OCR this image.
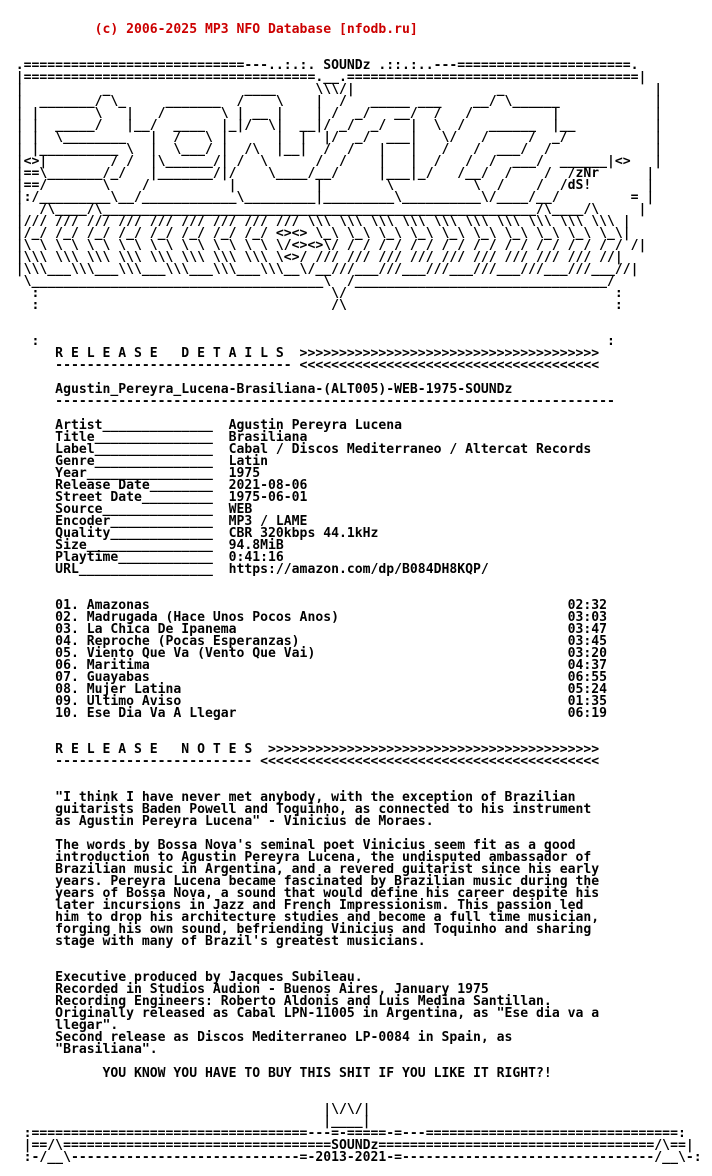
(c) 2006-2025 MP3 NFO Database [nfodb.ru]

.============================---..:.:. SOUNDz .::.:..---======================.
|=====================================.__.=====================================|
|          _                 ____     \\\/|                  _                   |
|  _______/ \_     _______  /    \    |  /   _____ ___    __/ \______            |
| |       \   |   /       \ | __ |    | /  _/   __/  /   /          |            |
| |  _____/   |__/  ____  |_|/  \|  __|/ _/  _/   |  \  /   ______  |__          |
| |  \________   |  /   \ |      |  |  |/  _/  ___|   \/   /     /  _/           |
| |__________ \  |  \___/ |  /\  |__|  /  /   |   |   /   /  ___/  /             |
|<>|        / /  |\______/| /  \      /  /    |   |  /   /  /  ___/  ______|<>   |
|==\_______/_/   |_______/|/    \____/__/     |___|_/   /__/  /    /  /zNr      |
|==/       \    /          |          |        \          \  /    /  /dS!       |
|:/_________\__/____________\_________|_________\__________\/____/__/         = |
|  /\____/\_______________________________________________________/\____/\     |
|/// /// /// /// /// /// /// /// /// \\\ \\\ \\\ \\\ \\\ \\\ \\\ \\\ \\\ \\\ |
|/_/ /_/ /_/ /_/ /_/ /_/ /_/ /_/ <><> \_\ \_\ \_\ \_\ \_\ \_\ \_\ \_\ \_\ \_\|
|\ \ \ \ \ \ \ \ \ \ \ \ \ \ \ \ \/<><>\/ / / / / / / / / / / / / / / / / / / /|
|\\\ \\\ \\\ \\\ \\\ \\\ \\\ \\\ \<>/ /// /// /// /// /// /// /// /// /// //|
|\\\___\\\___\\\___\\\___\\\___\\\__\/__///___///___///___///___///___///___//|
\_____________________________________\  /________________________________/
:                                     \/                                  :
:                                     /\                                  :

:                                                                        :
R E L E A S E   D E T A I L S  >>>>>>>>>>>>>>>>>>>>>>>>>>>>>>>>>>>>>>
------------------------------ <<<<<<<<<<<<<<<<<<<<<<<<<<<<<<<<<<<<<<

Agustin_Pereyra_Lucena-Brasiliana-(ALT005)-WEB-1975-SOUNDz
-----------------------------------------------------------------------

Artist______________  Agustin Pereyra Lucena
Title_______________  Brasiliana
Label_______________  Cabal / Discos Mediterraneo / Altercat Records
Genre_______________  Latin
Year________________  1975
Release Date________  2021-08-06
Street Date_________  1975-06-01
Source______________  WEB
Encoder_____________  MP3 / LAME
Quality_____________  CBR 320kbps 44.1kHz
Size________________  94.8MiB
Playtime____________  0:41:16
URL_________________  https://amazon.com/dp/B084DH8KQP/

01. Amazonas                                                     02:32
02. Madrugada (Hace Unos Pocos Anos)                             03:03
03. La Chica De Ipanema                                          03:47
04. Reproche (Pocas Esperanzas)                                  03:45
05. Viento Que Va (Vento Que Vai)                                03:20
06. Maritima                                                     04:37
07. Guayabas                                                     06:55
08. Mujer Latina                                                 05:24
09. Ultimo Aviso                                                 01:35
10. Ese Dia Va A Llegar                                          06:19

R E L E A S E   N O T E S  >>>>>>>>>>>>>>>>>>>>>>>>>>>>>>>>>>>>>>>>>>
------------------------- <<<<<<<<<<<<<<<<<<<<<<<<<<<<<<<<<<<<<<<<<<<

"I think I have never met anybody, with the exception of Brazilian
guitarists Baden Powell and Toquinho, as connected to his instrument
as Agustin Pereyra Lucena" - Vinicius de Moraes.

The words by Bossa Nova's seminal poet Vinicius seem fit as a good
introduction to Agustin Pereyra Lucena, the undisputed ambassador of
Brazilian music in Argentina, and a revered guitarist since his early
years. Pereyra Lucena became fascinated by Brazilian music during the
years of Bossa Nova, a sound that would define his career despite his
later incursions in Jazz and French Impressionism. This passion led
him to drop his architecture studies and become a full time musician,
forging his own sound, befriending Vinicius and Toquinho and sharing
stage with many of Brazil's greatest musicians.

Executive produced by Jacques Subileau.
Recorded in Studios Audion - Buenos Aires, January 1975
Recording Engineers: Roberto Aldonis and Luis Medina Santillan.
Originally released as Cabal LPN-11005 in Argentina, as "Ese dia va a
llegar".
Second release as Discos Mediterraneo LP-0084 in Spain, as
"Brasiliana".

YOU KNOW YOU HAVE TO BUY THIS SHIT IF YOU LIKE IT RIGHT?!

|\/\/|
|____|
:===================================---=-=====-=---================================:
|==/\==================================SOUNDz===================================/\==|
:-/__\-----------------------------=-2013-2021-=--------------------------------/__\-:
